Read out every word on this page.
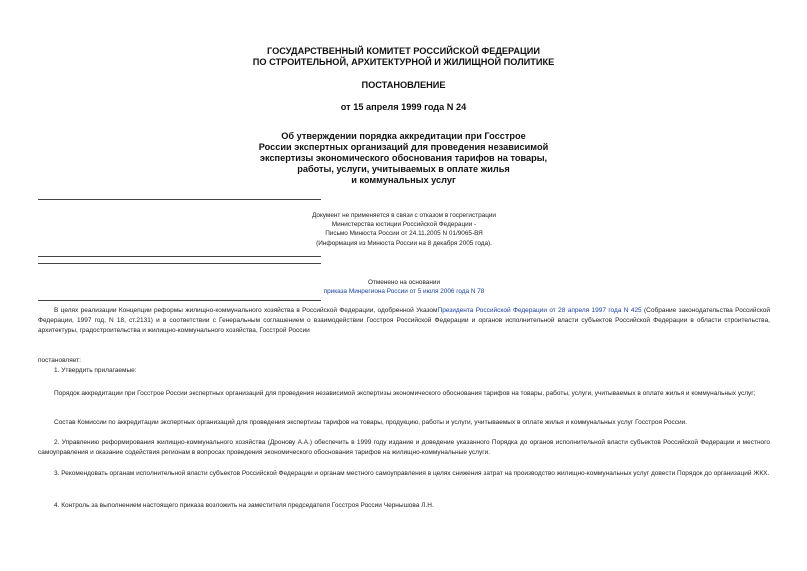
ГОСУДАРСТВЕННЫЙ КОМИТЕТ РОССИЙСКОЙ ФЕДЕРАЦИИ
ПО СТРОИТЕЛЬНОЙ, АРХИТЕКТУРНОЙ И ЖИЛИЩНОЙ ПОЛИТИКЕ
ПОСТАНОВЛЕНИЕ
от 15 апреля 1999 года N 24
Об утверждении порядка аккредитации при Госстрое
России экспертных организаций для проведения независимой
экспертизы экономического обоснования тарифов на товары,
работы, услуги, учитываемых в оплате жилья
и коммунальных услуг
Документ не применяется в связи с отказом в госрегистрации
Министерства юстиции Российской Федерации -
Письмо Минюста России от 24.11.2005 N 01/9065-ВЯ
(Информация из Минюста России на 8 декабря 2005 года).
Отменено на основании
приказа Минрегиона России от 5 июля 2006 года N 78
В целях реализации Концепции реформы жилищно-коммунального хозяйства в Российской Федерации, одобренной УказомПрезидента Российской Федерации от 28 апреля 1997 года N 425 (Собрание законодательства Российской Федерации, 1997 год, N 18, ст.2131) и в соответствии с Генеральным соглашением о взаимодействии Госстроя Российской Федерации и органов исполнительной власти субъектов Российской Федерации в области строительства, архитектуры, градостроительства и жилищно-коммунального хозяйства, Госстрой России
постановляет:
1. Утвердить прилагаемые:
Порядок аккредитации при Госстрое России экспертных организаций для проведения независимой экспертизы экономического обоснования тарифов на товары, работы, услуги, учитываемых в оплате жилья и коммунальных услуг;
Состав Комиссии по аккредитации экспертных организаций для проведения экспертизы тарифов на товары, продукцию, работы и услуги, учитываемых в оплате жилья и коммунальных услуг Госстроя России.
2. Управлению реформирования жилищно-коммунального хозяйства (Дронову А.А.) обеспечить в 1999 году издание и доведение указанного Порядка до органов исполнительной власти субъектов Российской Федерации и местного самоуправления и оказание содействия регионам в вопросах проведения экономического обоснования тарифов на жилищно-коммунальные услуги.
3. Рекомендовать органам исполнительной власти субъектов Российской Федерации и органам местного самоуправления в целях снижения затрат на производство жилищно-коммунальных услуг довести Порядок до организаций ЖКХ.
4. Контроль за выполнением настоящего приказа возложить на заместителя председателя Госстроя России Чернышова Л.Н.
